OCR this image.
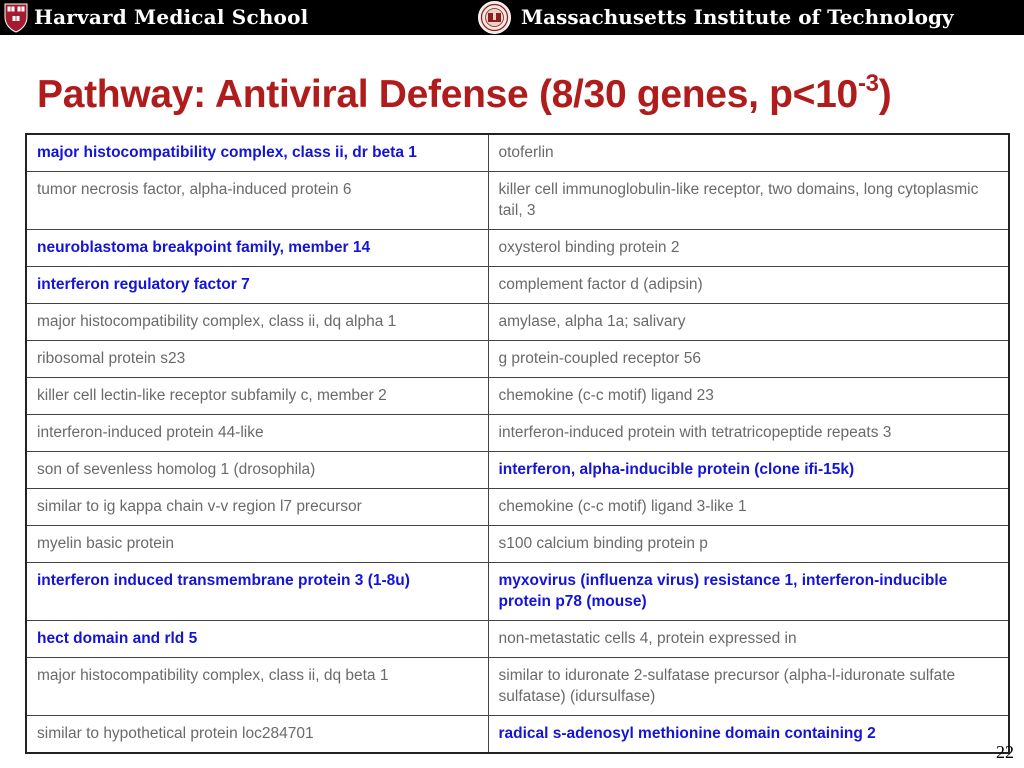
Harvard Medical School	Massachusetts Institute of Technology
Pathway: Antiviral Defense (8/30 genes, $p<10^{-3}$)
major histocompatibility complex, class ii, dr beta 1	otoferlin
tumor necrosis factor, alpha-induced protein 6	killer cell immunoglobulin-like receptor, two domains, long cytoplasmic tail, 3
neuroblastoma breakpoint family, member 14	oxysterol binding protein 2
interferon regulatory factor 7	complement factor d (adipsin)
major histocompatibility complex, class ii, dq alpha 1	amylase, alpha 1a; salivary
ribosomal protein s23	g protein-coupled receptor 56
killer cell lectin-like receptor subfamily c, member 2	chemokine (c-c motif) ligand 23
interferon-induced protein 44-like	interferon-induced protein with tetratricopeptide repeats 3
son of sevenless homolog 1 (drosophila)	interferon, alpha-inducible protein (clone ifi-15k)
similar to ig kappa chain v-v region l7 precursor	chemokine (c-c motif) ligand 3-like 1
myelin basic protein	s100 calcium binding protein p
interferon induced transmembrane protein 3 (1-8u)	myxovirus (influenza virus) resistance 1, interferon-inducible protein p78 (mouse)
hect domain and rld 5	non-metastatic cells 4, protein expressed in
major histocompatibility complex, class ii, dq beta 1	similar to iduronate 2-sulfatase precursor (alpha-l-iduronate sulfate sulfatase) (idursulfase)
similar to hypothetical protein loc284701	radical s-adenosyl methionine domain containing 2
22
